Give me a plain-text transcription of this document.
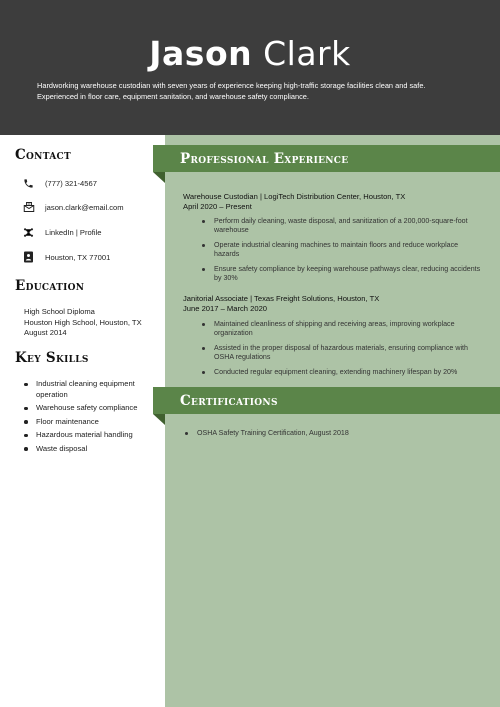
Jason Clark
Hardworking warehouse custodian with seven years of experience keeping high-traffic storage facilities clean and safe. Experienced in floor care, equipment sanitation, and warehouse safety compliance.
Contact
(777) 321-4567
jason.clark@email.com
LinkedIn | Profile
Houston, TX 77001
Education
High School Diploma
Houston High School, Houston, TX
August 2014
Key Skills
Industrial cleaning equipment operation
Warehouse safety compliance
Floor maintenance
Hazardous material handling
Waste disposal
Professional Experience
Warehouse Custodian | LogiTech Distribution Center, Houston, TX
April 2020 – Present
Perform daily cleaning, waste disposal, and sanitization of a 200,000-square-foot warehouse
Operate industrial cleaning machines to maintain floors and reduce workplace hazards
Ensure safety compliance by keeping warehouse pathways clear, reducing accidents by 30%
Janitorial Associate | Texas Freight Solutions, Houston, TX
June 2017 – March 2020
Maintained cleanliness of shipping and receiving areas, improving workplace organization
Assisted in the proper disposal of hazardous materials, ensuring compliance with OSHA regulations
Conducted regular equipment cleaning, extending machinery lifespan by 20%
Certifications
OSHA Safety Training Certification, August 2018
